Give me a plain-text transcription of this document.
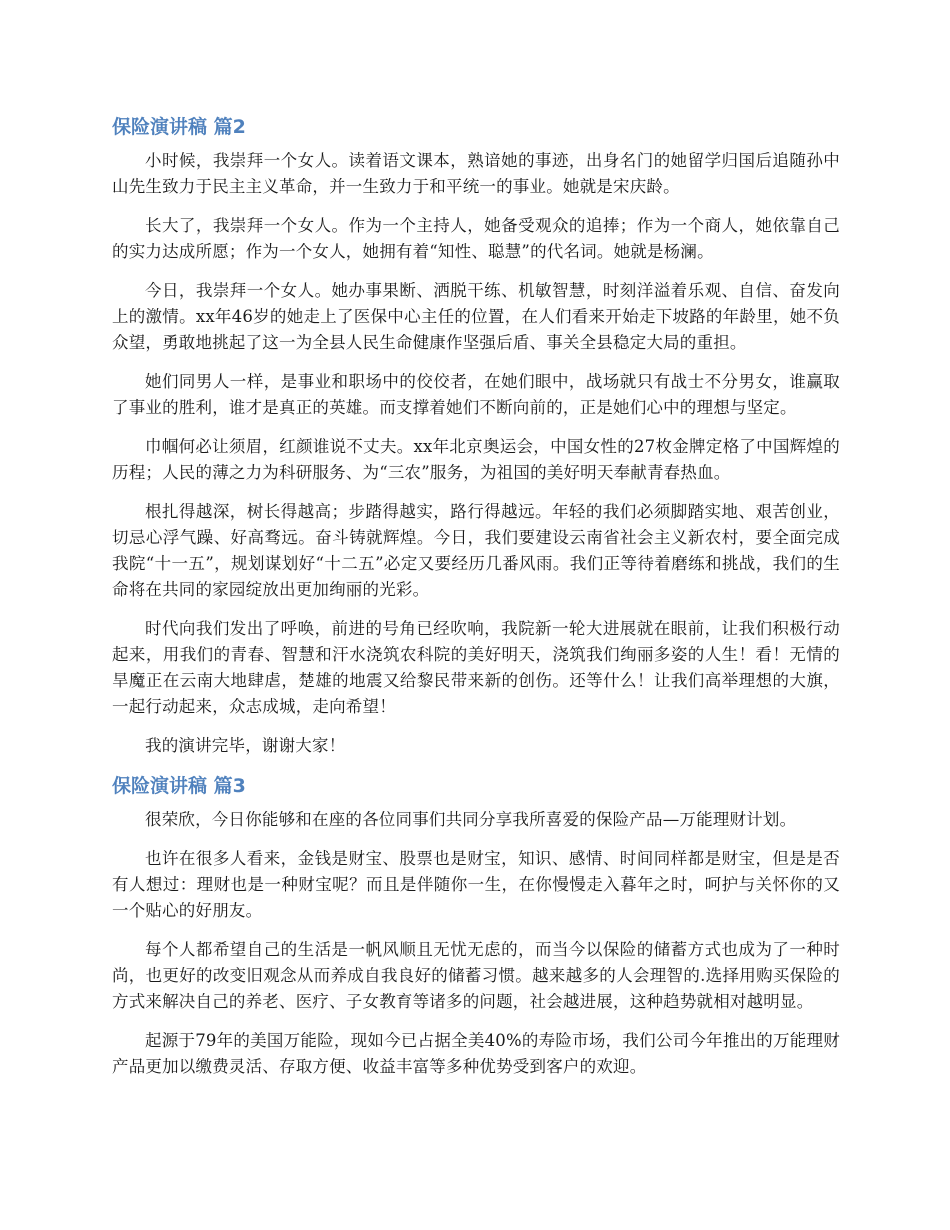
保险演讲稿 篇2

小时候，我崇拜一个女人。读着语文课本，熟谙她的事迹，出身名门的她留学归国后追随孙中山先生致力于民主主义革命，并一生致力于和平统一的事业。她就是宋庆龄。

长大了，我崇拜一个女人。作为一个主持人，她备受观众的追捧；作为一个商人，她依靠自己的实力达成所愿；作为一个女人，她拥有着“知性、聪慧”的代名词。她就是杨澜。

今日，我崇拜一个女人。她办事果断、洒脱干练、机敏智慧，时刻洋溢着乐观、自信、奋发向上的激情。xx年46岁的她走上了医保中心主任的位置，在人们看来开始走下坡路的年龄里，她不负众望，勇敢地挑起了这一为全县人民生命健康作坚强后盾、事关全县稳定大局的重担。

她们同男人一样，是事业和职场中的佼佼者，在她们眼中，战场就只有战士不分男女，谁赢取了事业的胜利，谁才是真正的英雄。而支撑着她们不断向前的，正是她们心中的理想与坚定。

巾帼何必让须眉，红颜谁说不丈夫。xx年北京奥运会，中国女性的27枚金牌定格了中国辉煌的历程；人民的薄之力为科研服务、为“三农”服务，为祖国的美好明天奉献青春热血。

根扎得越深，树长得越高；步踏得越实，路行得越远。年轻的我们必须脚踏实地、艰苦创业，切忌心浮气躁、好高骛远。奋斗铸就辉煌。今日，我们要建设云南省社会主义新农村，要全面完成我院“十一五”，规划谋划好“十二五”必定又要经历几番风雨。我们正等待着磨练和挑战，我们的生命将在共同的家园绽放出更加绚丽的光彩。

时代向我们发出了呼唤，前进的号角已经吹响，我院新一轮大进展就在眼前，让我们积极行动起来，用我们的青春、智慧和汗水浇筑农科院的美好明天，浇筑我们绚丽多姿的人生！看！无情的旱魔正在云南大地肆虐，楚雄的地震又给黎民带来新的创伤。还等什么！让我们高举理想的大旗，一起行动起来，众志成城，走向希望！

我的演讲完毕，谢谢大家！

保险演讲稿 篇3

很荣欣，今日你能够和在座的各位同事们共同分享我所喜爱的保险产品—万能理财计划。

也许在很多人看来，金钱是财宝、股票也是财宝，知识、感情、时间同样都是财宝，但是是否有人想过：理财也是一种财宝呢？而且是伴随你一生，在你慢慢走入暮年之时，呵护与关怀你的又一个贴心的好朋友。

每个人都希望自己的生活是一帆风顺且无忧无虑的，而当今以保险的储蓄方式也成为了一种时尚，也更好的改变旧观念从而养成自我良好的储蓄习惯。越来越多的人会理智的.选择用购买保险的方式来解决自己的养老、医疗、子女教育等诸多的问题，社会越进展，这种趋势就相对越明显。

起源于79年的美国万能险，现如今已占据全美40%的寿险市场，我们公司今年推出的万能理财产品更加以缴费灵活、存取方便、收益丰富等多种优势受到客户的欢迎。
